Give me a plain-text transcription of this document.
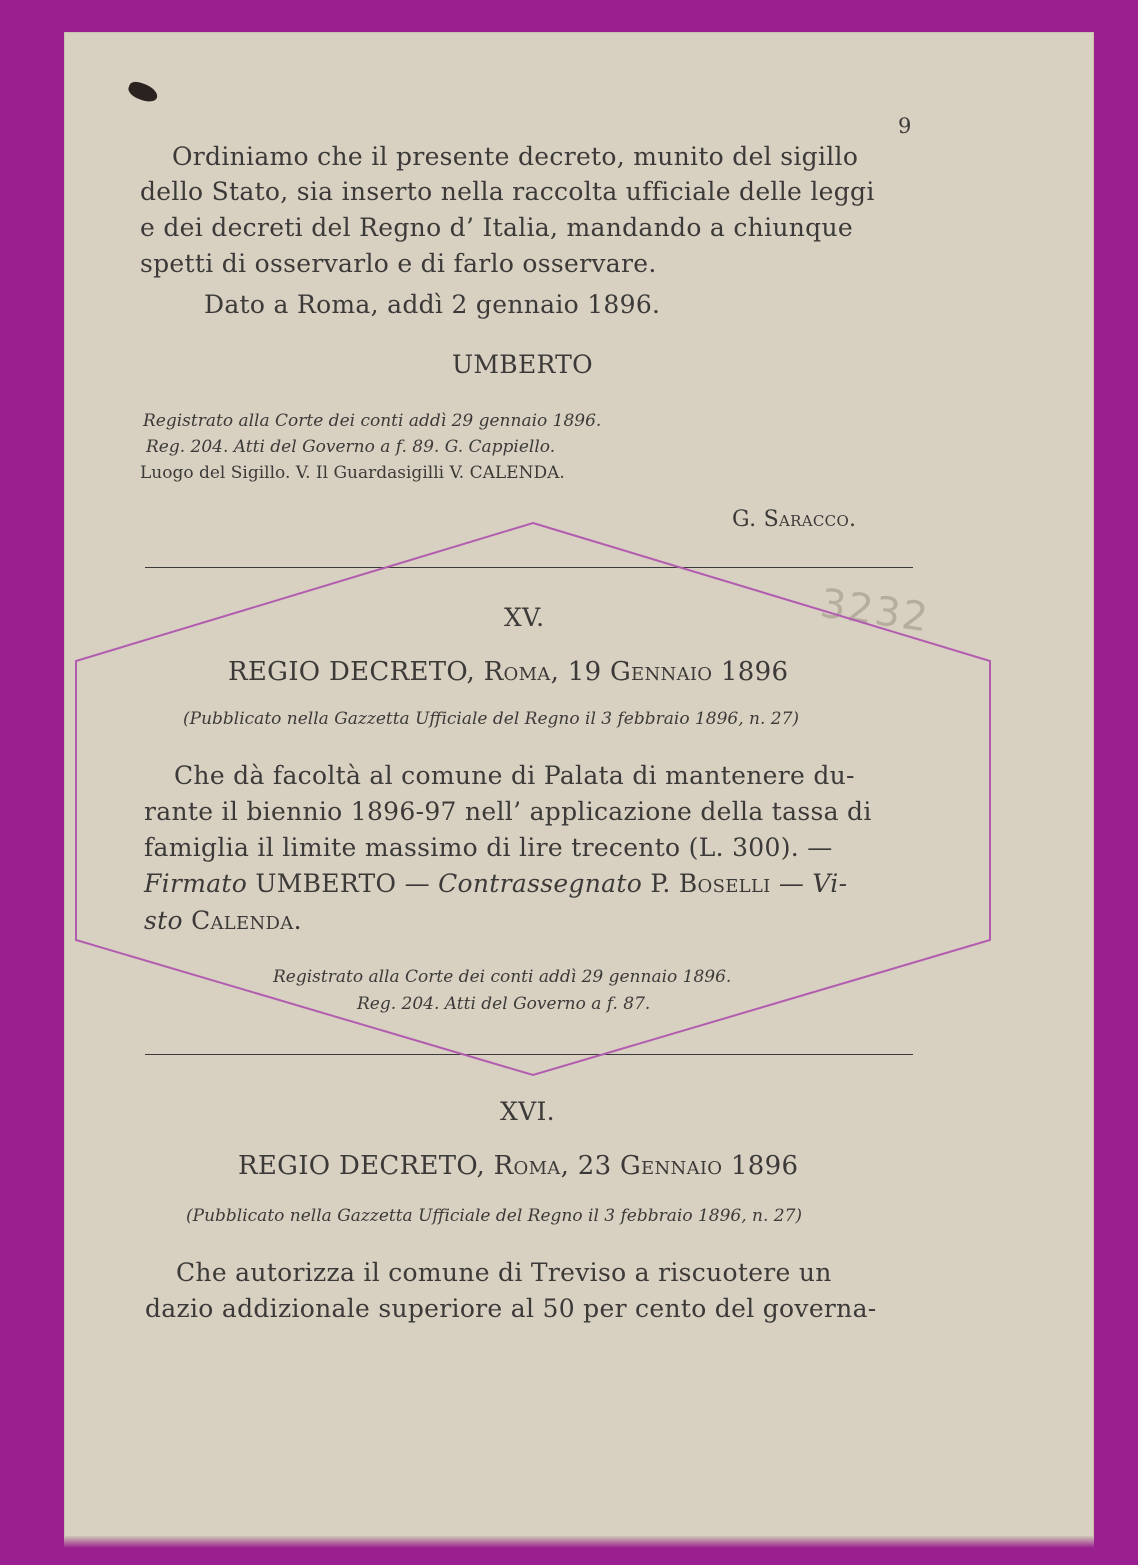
9
Ordiniamo che il presente decreto, munito del sigillo
dello Stato, sia inserto nella raccolta ufficiale delle leggi
e dei decreti del Regno d’ Italia, mandando a chiunque
spetti di osservarlo e di farlo osservare.
Dato a Roma, addì 2 gennaio 1896.
UMBERTO
Registrato alla Corte dei conti addì 29 gennaio 1896.
Reg. 204. Atti del Governo a f. 89. G. Cappiello.
Luogo del Sigillo. V. Il Guardasigilli V. CALENDA.
G. Saracco.
XV.
REGIO DECRETO, Roma, 19 Gennaio 1896
(Pubblicato nella Gazzetta Ufficiale del Regno il 3 febbraio 1896, n. 27)
Che dà facoltà al comune di Palata di mantenere du-
rante il biennio 1896-97 nell’ applicazione della tassa di
famiglia il limite massimo di lire trecento (L. 300). —
Firmato UMBERTO — Contrassegnato P. Boselli — Vi-
sto Calenda.
Registrato alla Corte dei conti addì 29 gennaio 1896.
Reg. 204. Atti del Governo a f. 87.
3232
XVI.
REGIO DECRETO, Roma, 23 Gennaio 1896
(Pubblicato nella Gazzetta Ufficiale del Regno il 3 febbraio 1896, n. 27)
Che autorizza il comune di Treviso a riscuotere un
dazio addizionale superiore al 50 per cento del governa-
